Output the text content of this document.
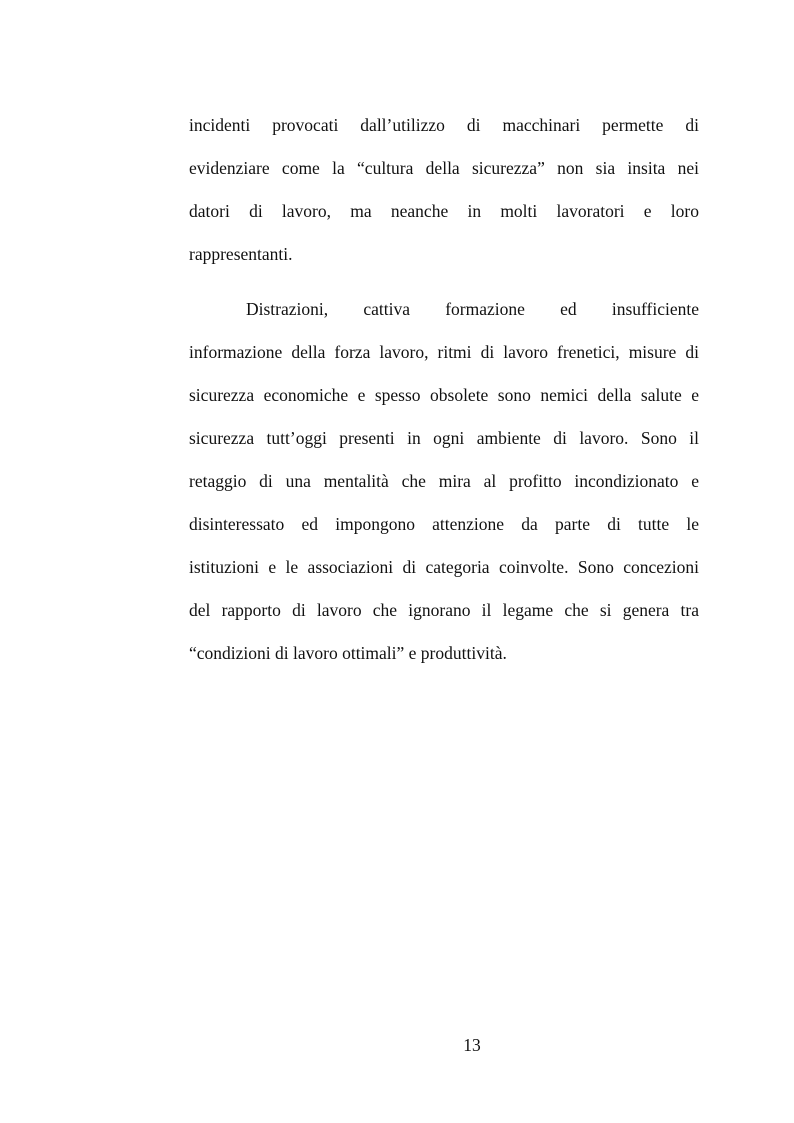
incidenti provocati dall’utilizzo di macchinari permette di
evidenziare come la “cultura della sicurezza” non sia insita nei
datori di lavoro, ma neanche in molti lavoratori e loro
rappresentanti.
Distrazioni, cattiva formazione ed insufficiente
informazione della forza lavoro, ritmi di lavoro frenetici, misure di
sicurezza economiche e spesso obsolete sono nemici della salute e
sicurezza tutt’oggi presenti in ogni ambiente di lavoro. Sono il
retaggio di una mentalità che mira al profitto incondizionato e
disinteressato ed impongono attenzione da parte di tutte le
istituzioni e le associazioni di categoria coinvolte. Sono concezioni
del rapporto di lavoro che ignorano il legame che si genera tra
“condizioni di lavoro ottimali” e produttività.
13
